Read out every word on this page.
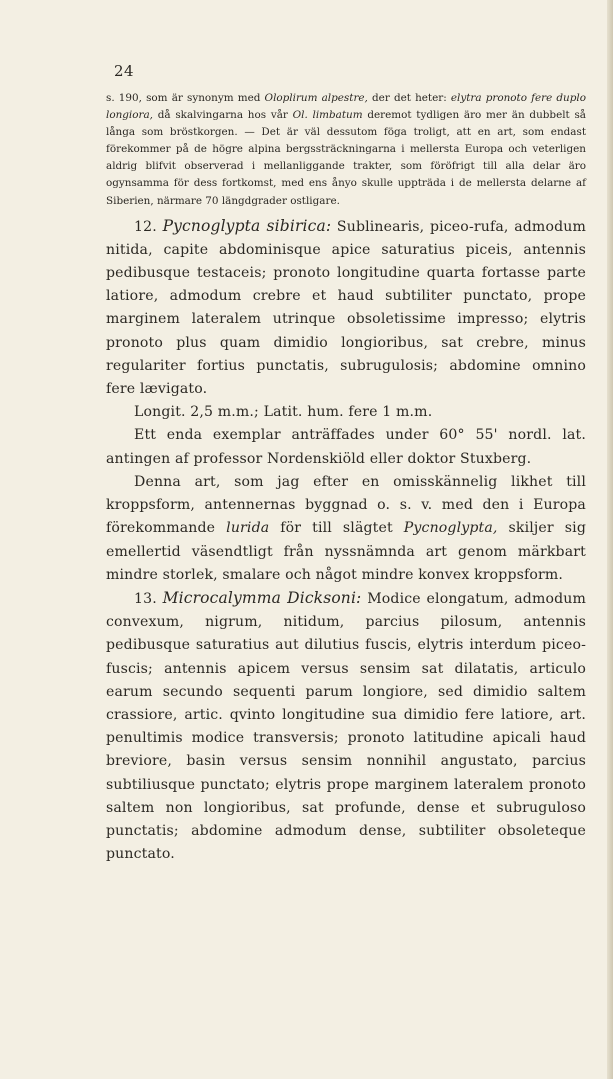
24

s. 190, som är synonym med Oloplirum alpestre, der det heter: elytra pronoto fere duplo longiora, då skalvingarna hos vår Ol. limbatum deremot tydligen äro mer än dubbelt så långa som bröstkorgen. — Det är väl dessutom föga troligt, att en art, som endast förekommer på de högre alpina bergssträckningarna i mellersta Europa och veterligen aldrig blifvit observerad i mellanliggande trakter, som föröfrigt till alla delar äro ogynsamma för dess fortkomst, med ens ånyo skulle uppträda i de mellersta delarne af Siberien, närmare 70 längdgrader ostligare.

12. Pycnoglypta sibirica: Sublinearis, piceo-rufa, admodum nitida, capite abdominisque apice saturatius piceis, antennis pedibusque testaceis; pronoto longitudine quarta fortasse parte latiore, admodum crebre et haud subtiliter punctato, prope marginem lateralem utrinque obsoletissime impresso; elytris pronoto plus quam dimidio longioribus, sat crebre, minus regulariter fortius punctatis, subrugulosis; abdomine omnino fere lævigato.

Longit. 2,5 m.m.; Latit. hum. fere 1 m.m.

Ett enda exemplar anträffades under 60° 55' nordl. lat. antingen af professor Nordenskiöld eller doktor Stuxberg.

Denna art, som jag efter en omisskännelig likhet till kroppsform, antennernas byggnad o. s. v. med den i Europa förekommande lurida för till slägtet Pycnoglypta, skiljer sig emellertid väsendtligt från nyssnämnda art genom märkbart mindre storlek, smalare och något mindre konvex kroppsform.

13. Microcalymma Dicksoni: Modice elongatum, admodum convexum, nigrum, nitidum, parcius pilosum, antennis pedibusque saturatius aut dilutius fuscis, elytris interdum piceo-fuscis; antennis apicem versus sensim sat dilatatis, articulo earum secundo sequenti parum longiore, sed dimidio saltem crassiore, artic. qvinto longitudine sua dimidio fere latiore, art. penultimis modice transversis; pronoto latitudine apicali haud breviore, basin versus sensim nonnihil angustato, parcius subtiliusque punctato; elytris prope marginem lateralem pronoto saltem non longioribus, sat profunde, dense et subruguloso punctatis; abdomine admodum dense, subtiliter obsoleteque punctato.
